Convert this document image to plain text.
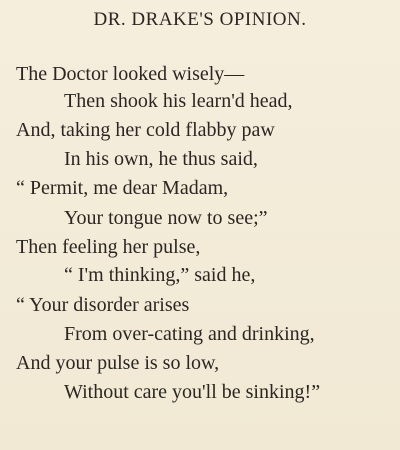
DR. DRAKE'S OPINION.
The Doctor looked wisely—
Then shook his learn'd head,
And, taking her cold flabby paw
In his own, he thus said,
“ Permit, me dear Madam,
Your tongue now to see;”
Then feeling her pulse,
“ I'm thinking,” said he,
“ Your disorder arises
From over-cating and drinking,
And your pulse is so low,
Without care you'll be sinking!”
